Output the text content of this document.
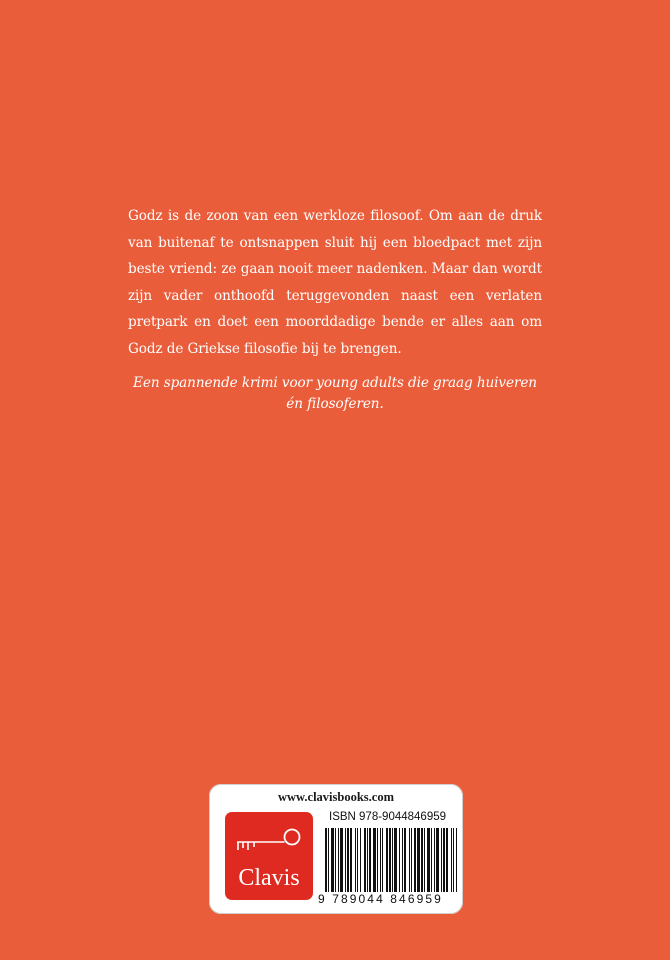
Godz is de zoon van een werkloze filosoof. Om aan de druk van buitenaf te ontsnappen sluit hij een bloedpact met zijn beste vriend: ze gaan nooit meer nadenken. Maar dan wordt zijn vader onthoofd teruggevonden naast een verlaten pretpark en doet een moorddadige bende er alles aan om Godz de Griekse filosofie bij te brengen.

Een spannende krimi voor young adults die graag huiveren én filosoferen.

www.clavisbooks.com
Clavis
ISBN 978-9044846959
9 789044 846959
